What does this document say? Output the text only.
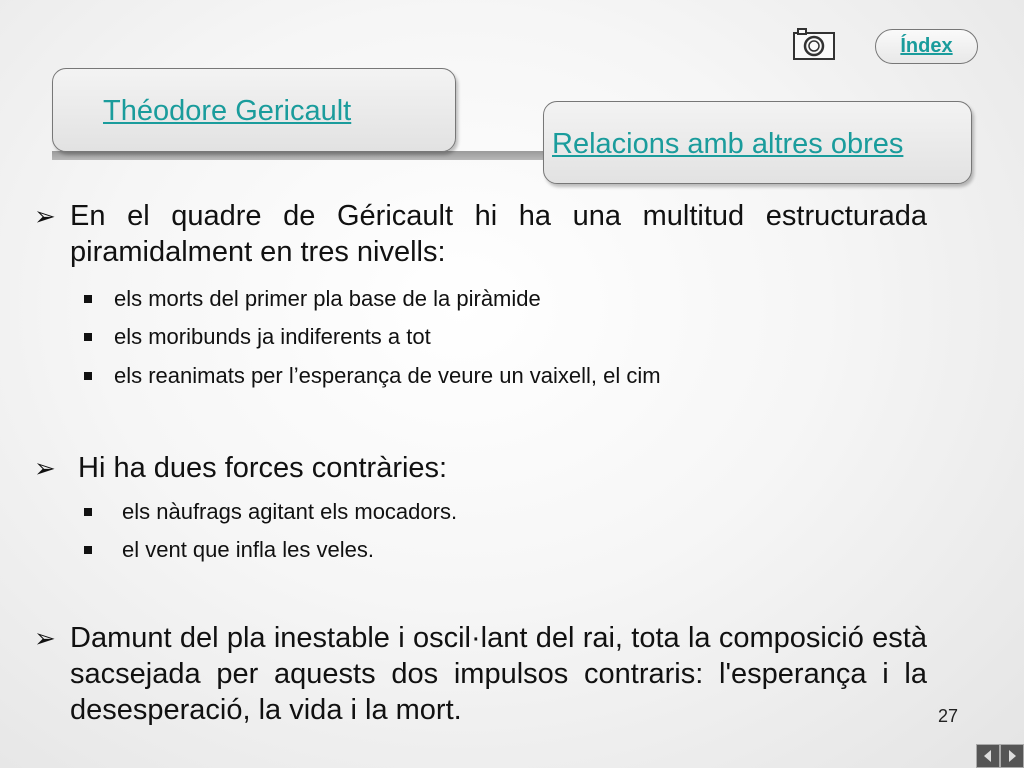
Índex
Théodore Gericault
Relacions amb altres obres
➢ En el quadre de Géricault hi ha una multitud estructurada piramidalment en tres nivells:
els morts del primer pla base de la piràmide
els moribunds ja indiferents a tot
els reanimats per l’esperança de veure un vaixell, el cim
➢ Hi ha dues forces contràries:
els nàufrags agitant els mocadors.
el vent que infla les veles.
➢ Damunt del pla inestable i oscil·lant del rai, tota la composició està sacsejada per aquests dos impulsos contraris: l'esperança i la desesperació, la vida i la mort.	27
